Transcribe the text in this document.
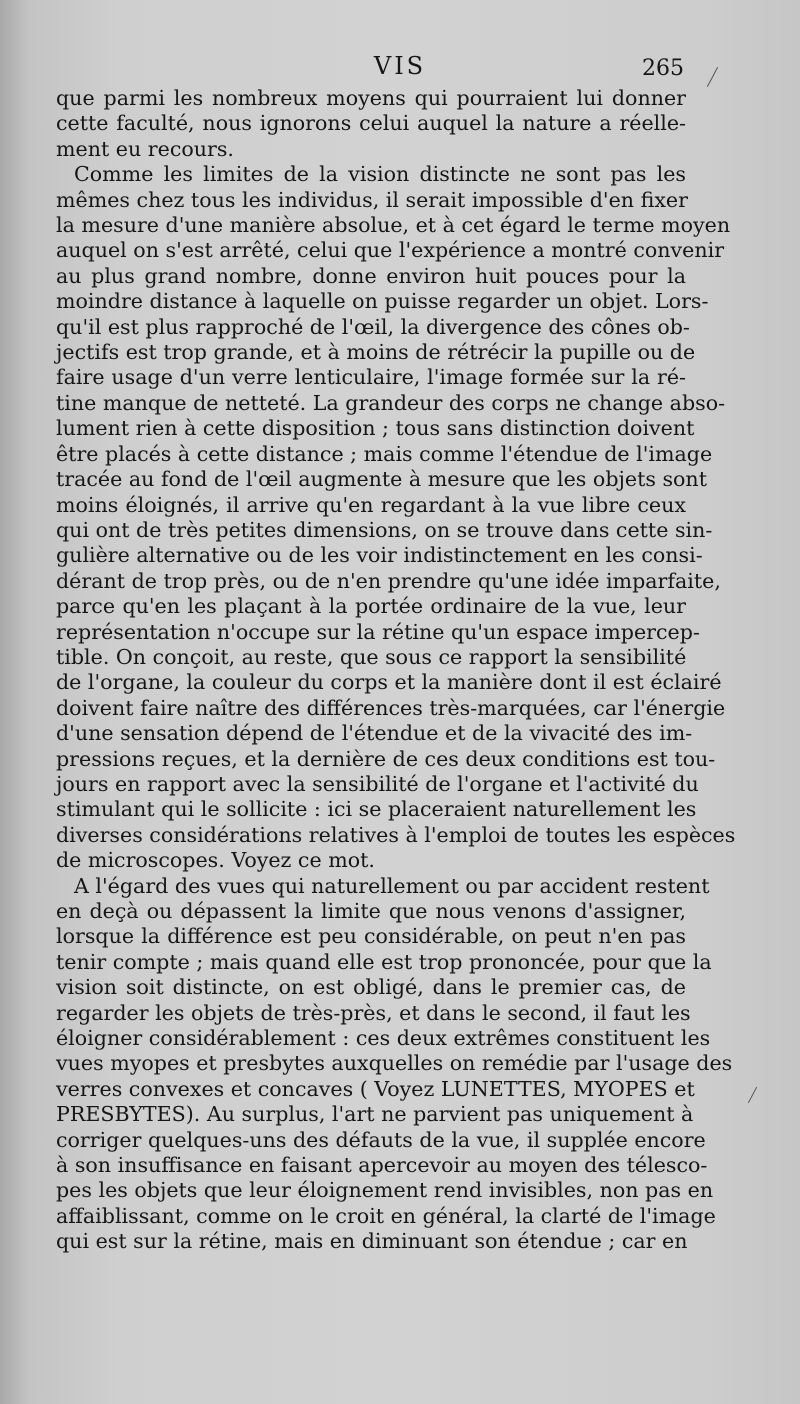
VIS	265
que parmi les nombreux moyens qui pourraient lui donner
cette faculté, nous ignorons celui auquel la nature a réelle-
ment eu recours.
Comme les limites de la vision distincte ne sont pas les
mêmes chez tous les individus, il serait impossible d'en fixer
la mesure d'une manière absolue, et à cet égard le terme moyen
auquel on s'est arrêté, celui que l'expérience a montré convenir
au plus grand nombre, donne environ huit pouces pour la
moindre distance à laquelle on puisse regarder un objet. Lors-
qu'il est plus rapproché de l'œil, la divergence des cônes ob-
jectifs est trop grande, et à moins de rétrécir la pupille ou de
faire usage d'un verre lenticulaire, l'image formée sur la ré-
tine manque de netteté. La grandeur des corps ne change abso-
lument rien à cette disposition ; tous sans distinction doivent
être placés à cette distance ; mais comme l'étendue de l'image
tracée au fond de l'œil augmente à mesure que les objets sont
moins éloignés, il arrive qu'en regardant à la vue libre ceux
qui ont de très petites dimensions, on se trouve dans cette sin-
gulière alternative ou de les voir indistinctement en les consi-
dérant de trop près, ou de n'en prendre qu'une idée imparfaite,
parce qu'en les plaçant à la portée ordinaire de la vue, leur
représentation n'occupe sur la rétine qu'un espace impercep-
tible. On conçoit, au reste, que sous ce rapport la sensibilité
de l'organe, la couleur du corps et la manière dont il est éclairé
doivent faire naître des différences très-marquées, car l'énergie
d'une sensation dépend de l'étendue et de la vivacité des im-
pressions reçues, et la dernière de ces deux conditions est tou-
jours en rapport avec la sensibilité de l'organe et l'activité du
stimulant qui le sollicite : ici se placeraient naturellement les
diverses considérations relatives à l'emploi de toutes les espèces
de microscopes. Voyez ce mot.
A l'égard des vues qui naturellement ou par accident restent
en deçà ou dépassent la limite que nous venons d'assigner,
lorsque la différence est peu considérable, on peut n'en pas
tenir compte ; mais quand elle est trop prononcée, pour que la
vision soit distincte, on est obligé, dans le premier cas, de
regarder les objets de très-près, et dans le second, il faut les
éloigner considérablement : ces deux extrêmes constituent les
vues myopes et presbytes auxquelles on remédie par l'usage des
verres convexes et concaves ( Voyez LUNETTES, MYOPES et
PRESBYTES). Au surplus, l'art ne parvient pas uniquement à
corriger quelques-uns des défauts de la vue, il supplée encore
à son insuffisance en faisant apercevoir au moyen des télesco-
pes les objets que leur éloignement rend invisibles, non pas en
affaiblissant, comme on le croit en général, la clarté de l'image
qui est sur la rétine, mais en diminuant son étendue ; car en
